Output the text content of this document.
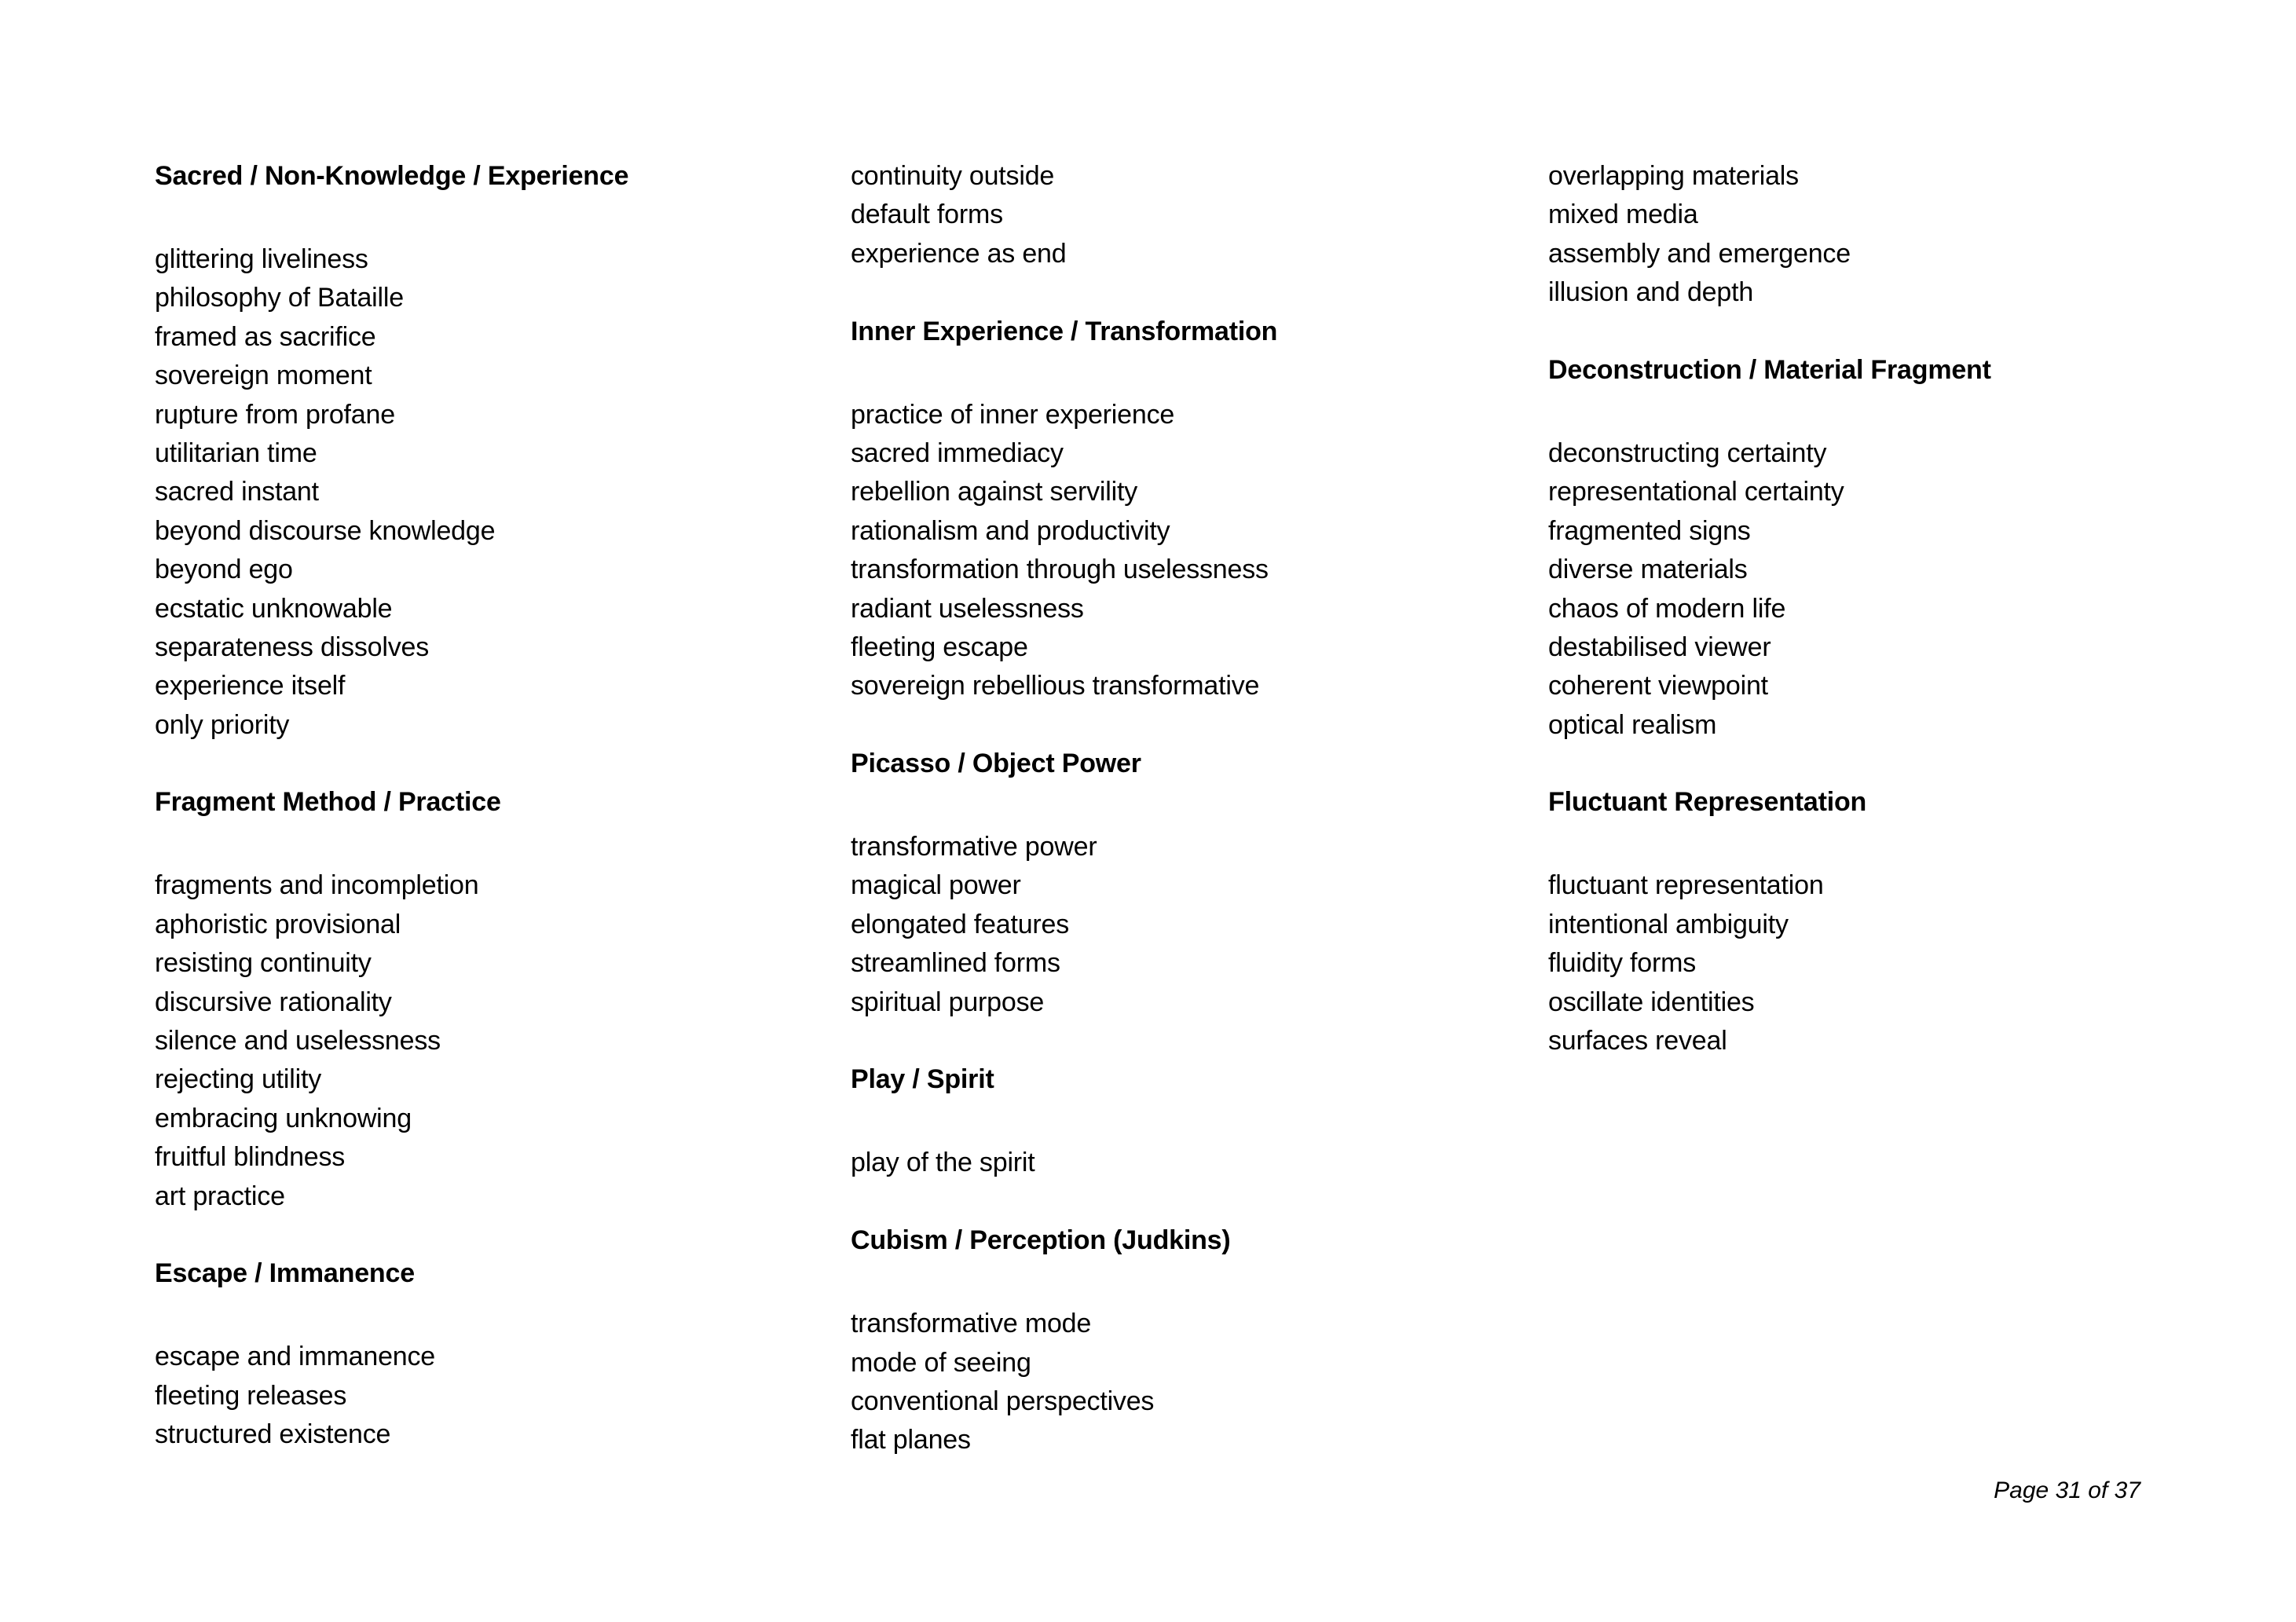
Sacred / Non-Knowledge / Experience
glittering liveliness
philosophy of Bataille
framed as sacrifice
sovereign moment
rupture from profane
utilitarian time
sacred instant
beyond discourse knowledge
beyond ego
ecstatic unknowable
separateness dissolves
experience itself
only priority
Fragment Method / Practice
fragments and incompletion
aphoristic provisional
resisting continuity
discursive rationality
silence and uselessness
rejecting utility
embracing unknowing
fruitful blindness
art practice
Escape / Immanence
escape and immanence
fleeting releases
structured existence
continuity outside
default forms
experience as end
Inner Experience / Transformation
practice of inner experience
sacred immediacy
rebellion against servility
rationalism and productivity
transformation through uselessness
radiant uselessness
fleeting escape
sovereign rebellious transformative
Picasso / Object Power
transformative power
magical power
elongated features
streamlined forms
spiritual purpose
Play / Spirit
play of the spirit
Cubism / Perception (Judkins)
transformative mode
mode of seeing
conventional perspectives
flat planes
overlapping materials
mixed media
assembly and emergence
illusion and depth
Deconstruction / Material Fragment
deconstructing certainty
representational certainty
fragmented signs
diverse materials
chaos of modern life
destabilised viewer
coherent viewpoint
optical realism
Fluctuant Representation
fluctuant representation
intentional ambiguity
fluidity forms
oscillate identities
surfaces reveal
Page 31 of 37
